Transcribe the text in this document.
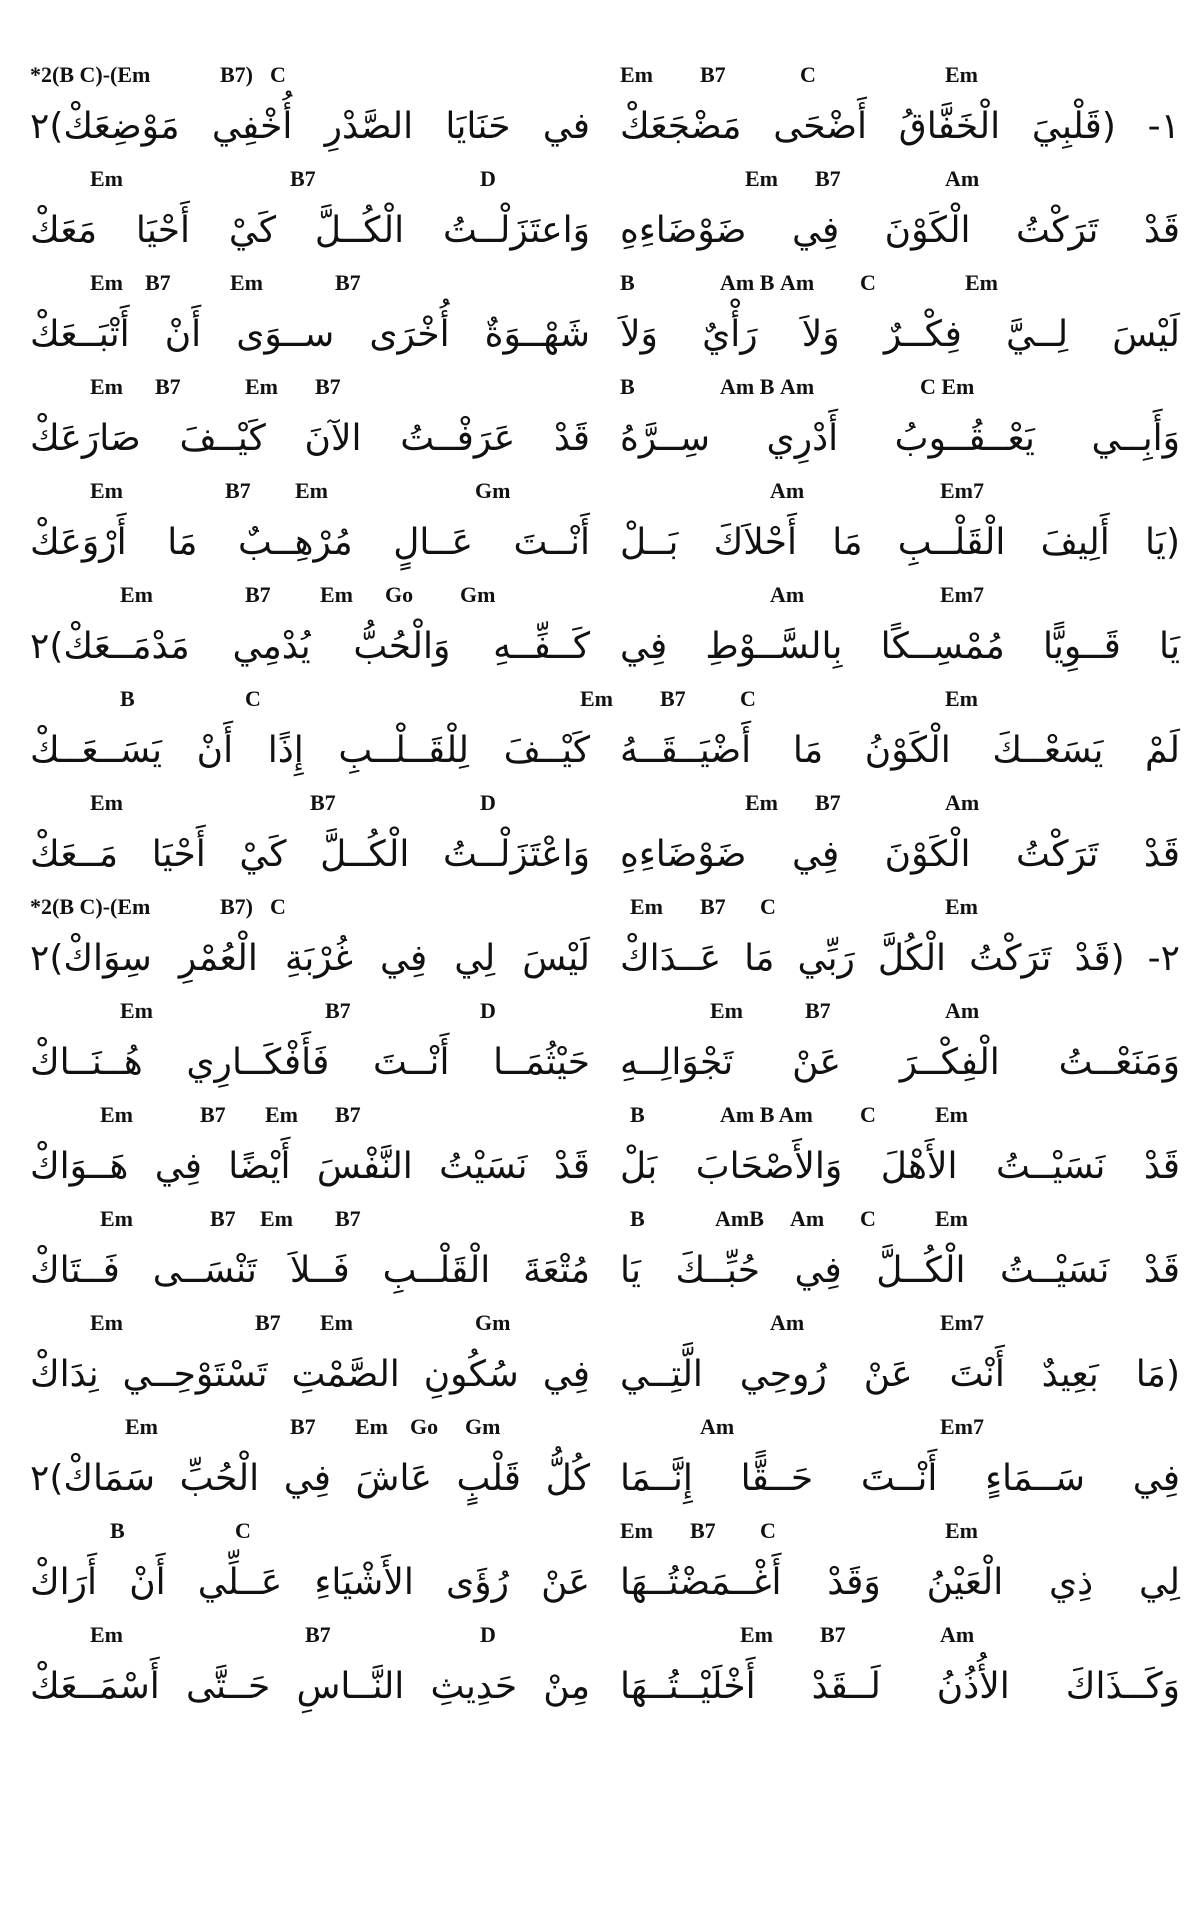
*2(B C)-(Em	B7) C
في حَنَايَا الصَّدْرِ أُخْفِي مَوْضِعَكْ)٢
Em	B7	D
وَاعتَزَلْــتُ الْكُــلَّ كَيْ أَحْيَا مَعَكْ
Em B7	Em	B7
شَهْــوَةٌ أُخْرَى ســوَى أَنْ أَتْبَــعَكْ
Em B7	Em B7
قَدْ عَرَفْــتُ الآنَ كَيْــفَ صَارَعَكْ
Em	B7 Em	Gm
أَنْــتَ عَــالٍ مُرْهِــبٌ مَا أَرْوَعَكْ
Em	B7 Em Go Gm
كَــفِّــهِ وَالْحُبُّ يُدْمِي مَدْمَــعَكْ)٢
B	C
كَيْــفَ لِلْقَــلْــبِ إِذًا أَنْ يَسَــعَــكْ
Em	B7	D
وَاعْتَزَلْــتُ الْكُــلَّ كَيْ أَحْيَا مَــعَكْ
*2(B C)-(Em	B7) C
لَيْسَ لِي فِي غُرْبَةِ الْعُمْرِ سِوَاكْ)٢
Em	B7	D
حَيْثُمَــا أَنْــتَ فَأَفْكَــارِي هُــنَــاكْ
Em	B7 Em B7
قَدْ نَسَيْتُ النَّفْسَ أَيْضًا فِي هَــوَاكْ
Em	B7 Em B7
مُتْعَةَ الْقَلْــبِ فَــلاَ تَنْسَــى فَــتَاكْ
Em	B7 Em	Gm
فِي سُكُونِ الصَّمْتِ تَسْتَوْحِــي نِدَاكْ
Em	B7 Em Go Gm
كُلُّ قَلْبٍ عَاشَ فِي الْحُبِّ سَمَاكْ)٢
B	C
عَنْ رُؤَى الأَشْيَاءِ عَــلِّي أَنْ أَرَاكْ
Em	B7	D
مِنْ حَدِيثِ النَّــاسِ حَــتَّى أَسْمَــعَكْ
Em B7	C	Em
١- (قَلْبِيَ الْخَفَّاقُ أَضْحَى مَضْجَعَكْ
Em B7	Am
قَدْ تَرَكْتُ الْكَوْنَ فِي ضَوْضَاءِهِ
B	Am B Am C	Em
لَيْسَ لِــيَّ فِكْــرٌ وَلاَ رَأْيٌ وَلاَ
B	Am B Am	C Em
وَأَبِــي يَعْــقُــوبُ أَدْرِي سِــرَّهُ
Am	Em7
(يَا أَلِيفَ الْقَلْــبِ مَا أَحْلاَكَ بَــلْ
Am	Em7
يَا قَــوِيًّا مُمْسِــكًا بِالسَّــوْطِ فِي
Em B7 C	Em
لَمْ يَسَعْــكَ الْكَوْنُ مَا أَضْيَــقَــهُ
Em B7	Am
قَدْ تَرَكْتُ الْكَوْنَ فِي ضَوْضَاءِهِ
Em B7 C	Em
٢- (قَدْ تَرَكْتُ الْكُلَّ رَبِّي مَا عَــدَاكْ
Em	B7	Am
وَمَنَعْــتُ الْفِكْــرَ عَنْ تَجْوَالِــهِ
B	Am B Am C	Em
قَدْ نَسَيْــتُ الأَهْلَ وَالأَصْحَابَ بَلْ
B	AmB Am C	Em
قَدْ نَسَيْــتُ الْكُــلَّ فِي حُبِّــكَ يَا
Am	Em7
(مَا بَعِيدٌ أَنْتَ عَنْ رُوحِي الَّتِــي
Am	Em7
فِي سَــمَاءٍ أَنْــتَ حَــقًّا إِنَّــمَا
Em B7 C	Em
لِي ذِي الْعَيْنُ وَقَدْ أَغْــمَضْتُــهَا
Em B7	Am
وَكَــذَاكَ الأُذُنُ لَــقَدْ أَخْلَيْــتُــهَا
